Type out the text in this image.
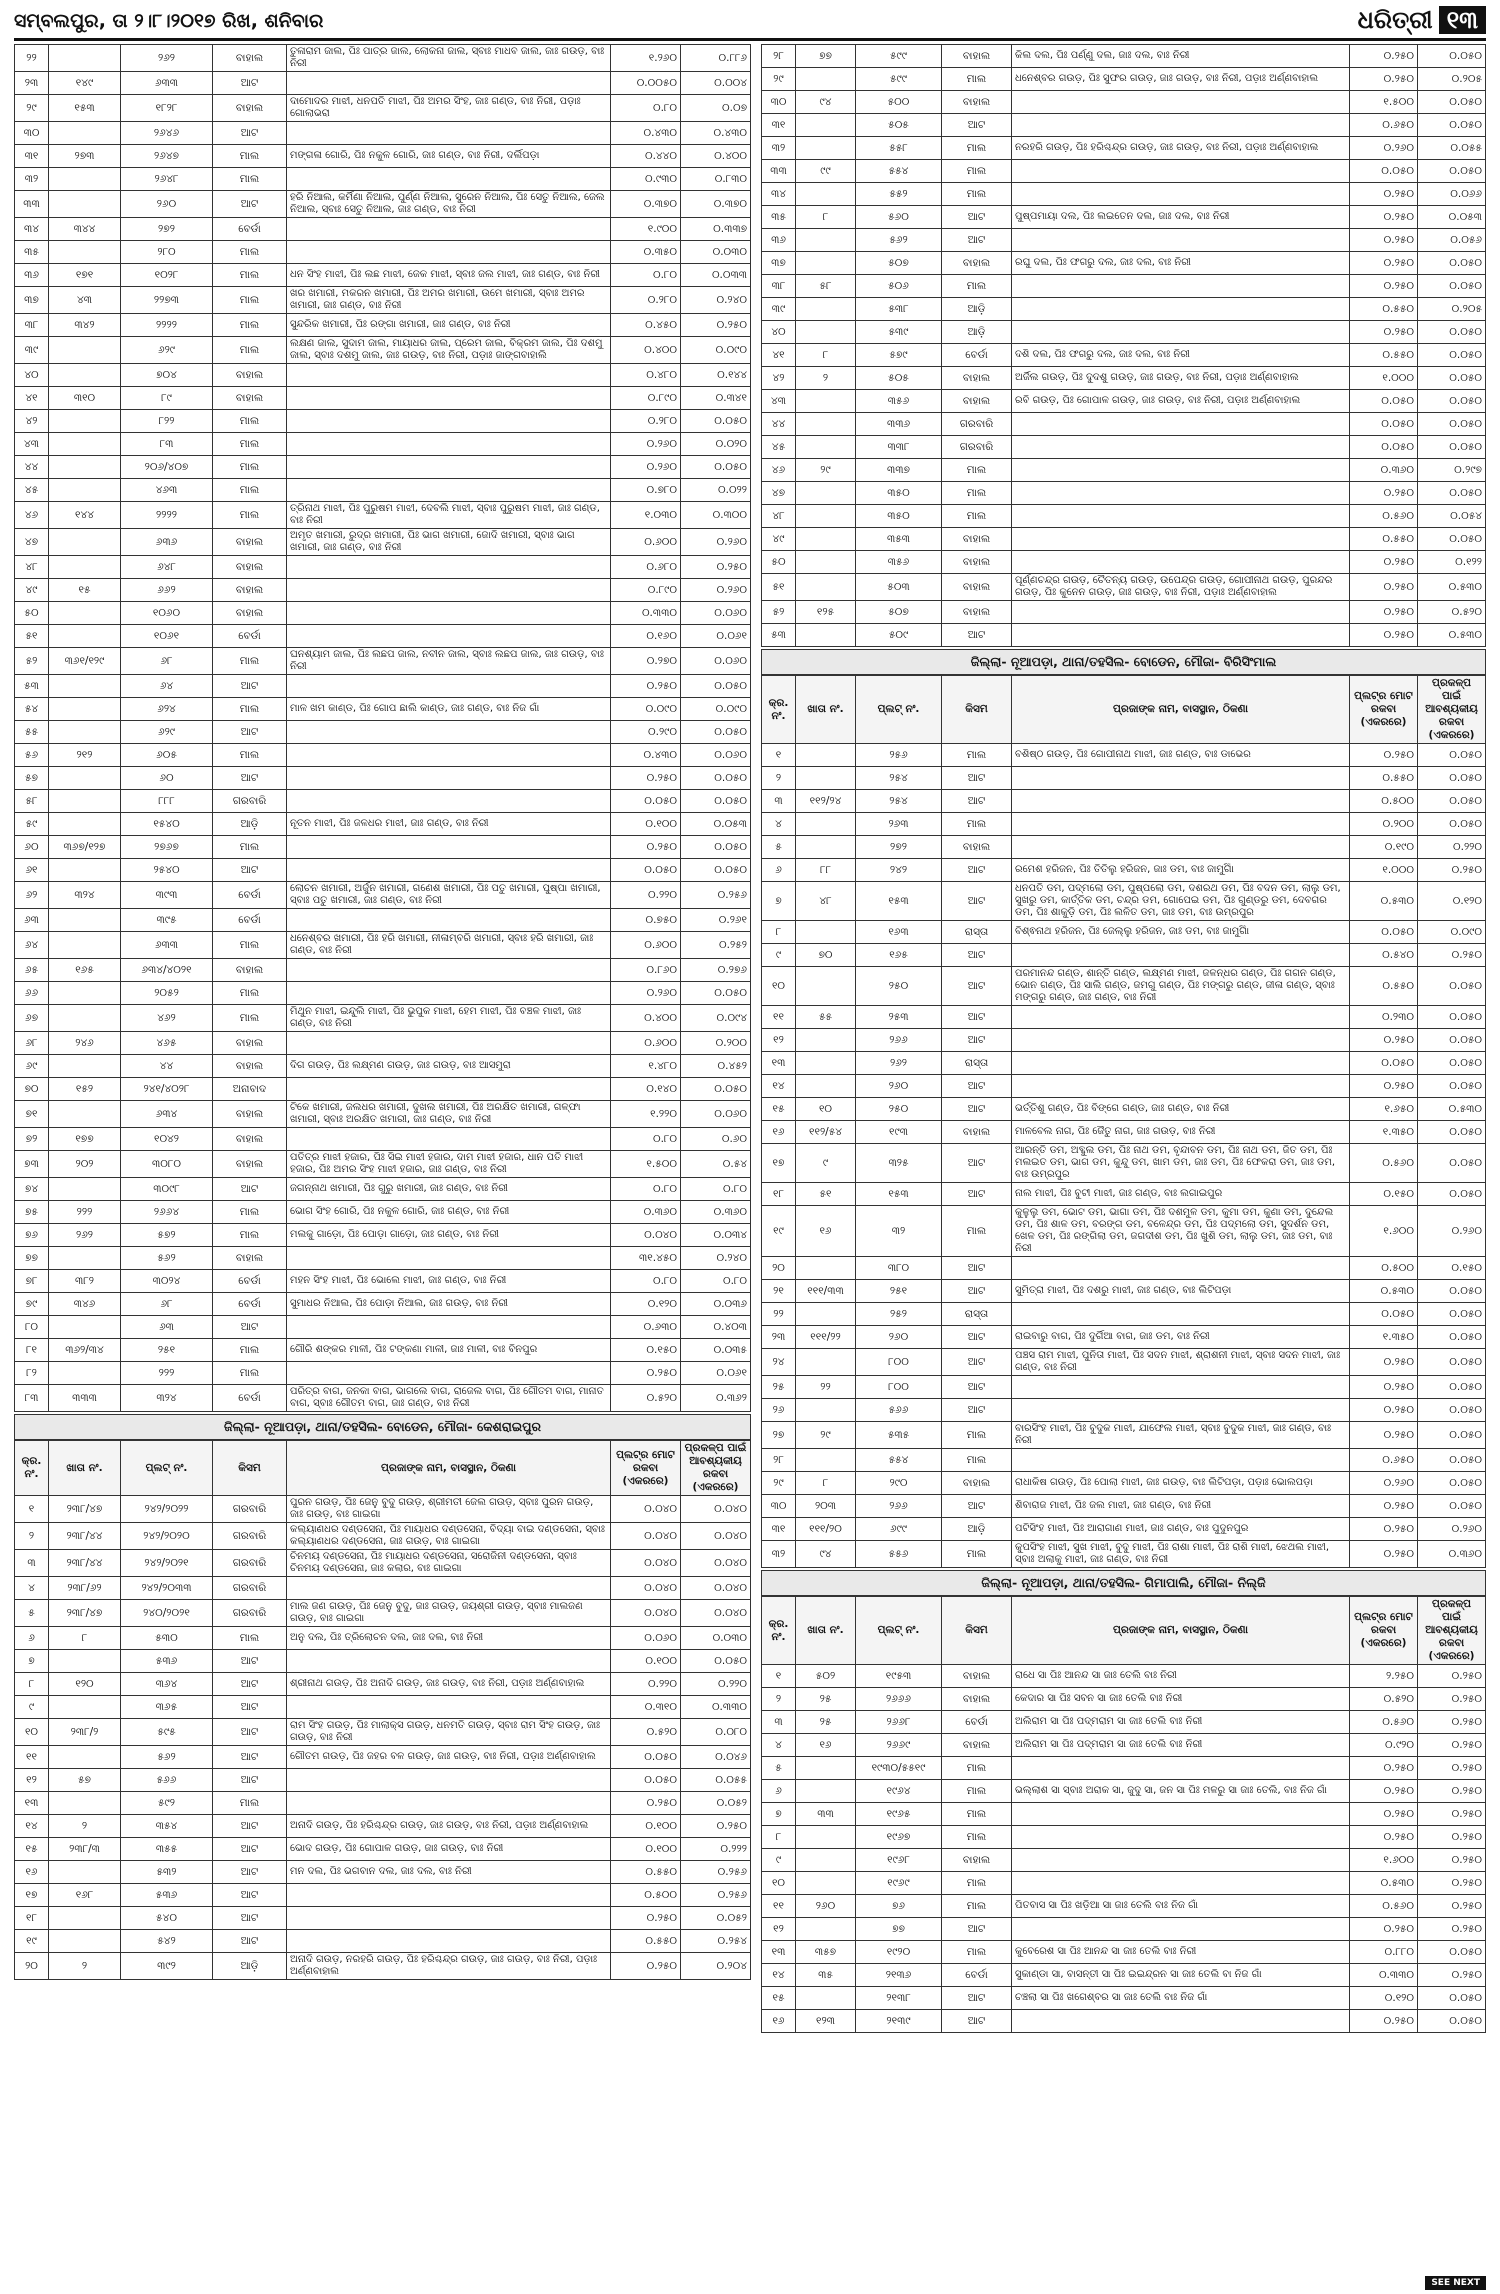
ସମ୍ବଲପୁର, ତା ୨।୮।୨୦୧୭ ରିଖ, ଶନିବାର	ଧରିତ୍ରୀ ୧୩
୨୨		୨୬୨	ବାହାଲ	ତୁଳାରାମ ଜାଲ, ପିଃ ପାତ୍ର ଜାଲ, ଲୋକନା ଜାଲ, ସ୍ବାଃ ମାଧବ ଜାଲ, ଜାଃ ଗଉଡ଼, ବାଃ ନିରୀ	୧.୨୬୦	୦.୮୮୬
୨୩	୧୪୯	୬୩୩	ଆଟ		୦.୦୦୫୦	୦.୦୦୪
୨୯	୧୫୩	୧୮୨୮	ବାହାଲ	ଦାମୋଦର ମାଝୀ, ଧନପତି ମାଝୀ, ପିଃ ଅମର ସିଂହ, ଜାଃ ଗଣ୍ଡ, ବାଃ ନିରୀ, ପଡ଼ାଃ ଗୋଲାଭରା	୦.୮୦	୦.୦୭
୩୦		୨୬୪୬	ଆଟ		୦.୪୩୦	୦.୪୩୦
୩୧	୨୭୩	୨୬୪୭	ମାଲ	ମଙ୍ଗଳା ଗୋରି, ପିଃ ନକୁଳ ଗୋରି, ଜାଃ ଗଣ୍ଡ, ବାଃ ନିରୀ, ଦର୍ଲିପଡ଼ା	୦.୪୪୦	୦.୪୦୦
୩୨		୨୬୪୮	ମାଲ		୦.୯୩୦	୦.୮୩୦
୩୩		୨୬୦	ଆଟ	ହରି ନିଆଲ, କର୍ମିଣା ନିଆଲ, ପୁର୍ଣ୍ଣ ନିଆଲ, ସୁରେନ ନିଆଲ, ପିଃ ସେତୁ ନିଆଲ, ଜେଲ ନିଆଲ, ସ୍ବାଃ ସେତୁ ନିଆଲ, ଜାଃ ଗଣ୍ଡ, ବାଃ ନିରୀ	୦.୩୭୦	୦.୩୭୦
୩୪	୩୪୪	୨୭୨	ବେର୍ଡା		୧.୯୦୦	୦.୩୩୭
୩୫		୨୮୦	ମାଲ		୦.୩୫୦	୦.୦୩୦
୩୬	୧୭୧	୧୦୨୮	ମାଲ	ଧନ ସିଂହ ମାଝୀ, ପିଃ ଲଛ ମାଝୀ, ଜେକ ମାଝୀ, ସ୍ବାଃ ଜଲ ମାଝୀ, ଜାଃ ଗଣ୍ଡ, ବାଃ ନିରୀ	୦.୮୦	୦.୦୩୩
୩୭	୪୩	୨୨୭୩	ମାଲ	ଖର ଖମାରୀ, ମକରନ ଖମାରୀ, ପିଃ ଅମର ଖମାରୀ, ଉମେ ଖମାରୀ, ସ୍ବାଃ ଅମର ଖମାରୀ, ଜାଃ ଗଣ୍ଡ, ବାଃ ନିରୀ	୦.୨୮୦	୦.୨୪୦
୩୮	୩୪୨	୨୨୨୨	ମାଲ	ସୁନ୍ଦରିକ ଖମାରୀ, ପିଃ ରଙ୍ଗା ଖମାରୀ, ଜାଃ ଗଣ୍ଡ, ବାଃ ନିରୀ	୦.୪୫୦	୦.୨୫୦
୩୯		୬୨୯	ମାଲ	ଲକ୍ଷଣ ଜାଲ, ସୁଦାମ ଜାଲ, ମାୟାଧର ଜାଲ, ପ୍ରେମ ଜାଲ, ବିକ୍ରମ ଜାଲ, ପିଃ ଦଶମୁ ଜାଲ, ସ୍ବାଃ ଦଶମୁ ଜାଲ, ଜାଃ ଗଉଡ଼, ବାଃ ନିରୀ, ପଡ଼ାଃ ଜାଙ୍ଗବାହାଲି	୦.୪୦୦	୦.୦୯୦
୪୦		୭୦୪	ବାହାଲ		୦.୪୮୦	୦.୧୪୪
୪୧	୩୧୦	୮୯	ବାହାଲ		୦.୮୯୦	୦.୩୪୧
୪୨		୮୨୨	ମାଲ		୦.୨୮୦	୦.୦୫୦
୪୩		୮୩	ମାଲ		୦.୨୬୦	୦.୦୨୦
୪୪		୨୦୬/୪୦୭	ମାଲ		୦.୨୬୦	୦.୦୫୦
୪୫		୪୬୩	ମାଲ		୦.୭୮୦	୦.୦୨୨
୪୬	୧୪୪	୨୨୨୨	ମାଲ	ତ୍ରିନାଥ ମାଝୀ, ପିଃ ପୁରୁଷମ ମାଝୀ, ଦେବଲି ମାଝୀ, ସ୍ବାଃ ପୁରୁଷମ ମାଝୀ, ଜାଃ ଗଣ୍ଡ, ବାଃ ନିରୀ	୧.୦୩୦	୦.୩୦୦
୪୭		୬୩୬	ବାହାଲ	ଅମୃତ ଖମାରୀ, ରୁଦ୍ର ଖମାରୀ, ପିଃ ଭାଗ ଖମାରୀ, ଜୋଦି ଖମାରୀ, ସ୍ବାଃ ଭାଗ ଖମାରୀ, ଜାଃ ଗଣ୍ଡ, ବାଃ ନିରୀ	୦.୬୦୦	୦.୨୬୦
୪୮		୬୪୮	ବାହାଲ		୦.୬୮୦	୦.୨୫୦
୪୯	୧୫	୬୬୨	ବାହାଲ		୦.୮୯୦	୦.୨୬୦
୫୦		୧୦୬୦	ବାହାଲ		୦.୩୩୦	୦.୦୬୦
୫୧		୧୦୬୧	ବେର୍ଡା		୦.୧୬୦	୦.୦୬୧
୫୨	୩୬୧/୧୨୯	୬୮	ମାଲ	ଘନଶ୍ୟାମ ଜାଲ, ପିଃ ଲଛପ ଜାଲ, ନବୀନ ଜାଲ, ସ୍ବାଃ ଲଛପ ଜାଲ, ଜାଃ ଗଉଡ଼, ବାଃ ନିରୀ	୦.୨୭୦	୦.୦୬୦
୫୩		୬୪	ଆଟ		୦.୨୫୦	୦.୦୫୦
୫୪		୬୨୪	ମାଲ	ମାଳ ଖମ କାଣ୍ଡ, ପିଃ ଗୋପ ଛାଲି କାଣ୍ଡ, ଜାଃ ଗଣ୍ଡ, ବାଃ ନିଜ ଗାଁ	୦.୦୯୦	୦.୦୯୦
୫୫		୬୨୯	ଆଟ		୦.୨୯୦	୦.୦୫୦
୫୬	୨୧୨	୬୦୫	ମାଲ		୦.୪୩୦	୦.୦୬୦
୫୭		୬୦	ଆଟ		୦.୨୫୦	୦.୦୫୦
୫୮		୮୮୮	ଗରବାରି		୦.୦୫୦	୦.୦୫୦
୫୯		୧୫୪୦	ଆଡ଼ି	ନୂତନ ମାଝୀ, ପିଃ ଜଳଧର ମାଝୀ, ଜାଃ ଗଣ୍ଡ, ବାଃ ନିରୀ	୦.୧୦୦	୦.୦୫୩
୬୦	୩୬୭/୧୨୭	୨୭୬୭	ମାଲ		୦.୨୫୦	୦.୦୫୦
୬୧		୨୫୪୦	ଆଟ		୦.୦୫୦	୦.୦୫୦
୬୨	୩୨୪	୩୯୩	ବେର୍ଡା	ଲୋଚନ ଖମାରୀ, ଅର୍ଜୁନ ଖମାରୀ, ଗଣେଶ ଖମାରୀ, ପିଃ ପତୁ ଖମାରୀ, ପୁଷ୍ପା ଖମାରୀ, ସ୍ବାଃ ପତୁ ଖମାରୀ, ଜାଃ ଗଣ୍ଡ, ବାଃ ନିରୀ	୦.୨୨୦	୦.୨୫୬
୬୩		୩୯୫	ବେର୍ଡା		୦.୭୫୦	୦.୨୬୧
୬୪		୬୩୩	ମାଲ	ଧନେଶ୍ବର ଖମାରୀ, ପିଃ ହରି ଖମାରୀ, ନୀଳାମ୍ବରି ଖମାରୀ, ସ୍ବାଃ ହରି ଖମାରୀ, ଜାଃ ଗଣ୍ଡ, ବାଃ ନିରୀ	୦.୬୦୦	୦.୨୫୨
୬୫	୧୬୫	୬୩୪/୪୦୨୧	ବାହାଲ		୦.୮୬୦	୦.୨୭୬
୬୬		୨୦୫୨	ମାଲ		୦.୨୬୦	୦.୦୫୦
୬୭		୪୬୨	ମାଲ	ମିଥୁନ ମାଝୀ, ଇନ୍ଦୁଲି ମାଝୀ, ପିଃ ଭୁପୁକ ମାଝୀ, ହେମ ମାଝୀ, ପିଃ ବଞ୍ଚଳ ମାଝୀ, ଜାଃ ଗଣ୍ଡ, ବାଃ ନିରୀ	୦.୪୦୦	୦.୦୯୪
୬୮	୨୪୬	୪୬୫	ବାହାଲ		୦.୬୦୦	୦.୨୦୦
୬୯		୪୪	ବାହାଲ	ଦିଗ ଗଉଡ଼, ପିଃ ଲକ୍ଷ୍ମଣ ଗଉଡ଼, ଜାଃ ଗଉଡ଼, ବାଃ ଆସମୁରା	୧.୪୮୦	୦.୪୫୨
୭୦	୧୫୨	୨୪୧/୪୦୨୮	ଅନାବାଦ		୦.୧୪୦	୦.୦୫୦
୭୧		୬୩୪	ବାହାଲ	ଟିକେ ଖମାରୀ, ଜଲଧର ଖମାରୀ, ଦୁଖଲ ଖମାରୀ, ପିଃ ଅରକ୍ଷିତ ଖମାରୀ, ଗଳ୍ଫା ଖମାରୀ, ସ୍ବାଃ ଅରକ୍ଷିତ ଖମାରୀ, ଜାଃ ଗଣ୍ଡ, ବାଃ ନିରୀ	୧.୨୨୦	୦.୦୬୦
୭୨	୧୭୭	୧୦୪୨	ବାହାଲ		୦.୮୦	୦.୬୦
୭୩	୨୦୨	୩୦୮୦	ବାହାଲ	ପତିତ୍ର ମାଝୀ ହଜାର, ପିଃ ସିଇ ମାଝୀ ହଜାର, ଦାମ ମାଝୀ ହଜାର, ଧାନ ପତି ମାଝୀ ହଜାର, ପିଃ ଅମର ସିଂହ ମାଝୀ ହଜାର, ଜାଃ ଗଣ୍ଡ, ବାଃ ନିରୀ	୧.୫୦୦	୦.୫୪
୭୪		୩୦୯୮	ଆଟ	ଜଗନ୍ନାଥ ଖମାରୀ, ପିଃ ଗୁରୁ ଖମାରୀ, ଜାଃ ଗଣ୍ଡ, ବାଃ ନିରୀ	୦.୮୦	୦.୮୦
୭୫	୨୨୨	୨୬୬୪	ମାଲ	ଭୋଗ ସିଂହ ଗୋରି, ପିଃ ନକୁଳ ଗୋରି, ଜାଃ ଗଣ୍ଡ, ବାଃ ନିରୀ	୦.୩୬୦	୦.୩୬୦
୭୬	୨୬୨	୫୭୨	ମାଲ	ମଲକୁ ଗାଡ଼ୋ, ପିଃ ପୋଡ଼ା ଗାଡ଼ୋ, ଜାଃ ଗଣ୍ଡ, ବାଃ ନିରୀ	୦.୦୪୦	୦.୦୩୪
୭୭		୫୬୨	ବାହାଲ		୩୧.୪୫୦	୦.୨୪୦
୭୮	୩୮୨	୩୦୨୪	ବେର୍ଡା	ମହନ ସିଂହ ମାଝୀ, ପିଃ ଭୋଲେ ମାଝୀ, ଜାଃ ଗଣ୍ଡ, ବାଃ ନିରୀ	୦.୮୦	୦.୮୦
୭୯	୩୪୬	୬୮	ବେର୍ଡା	ସୁମାଧର ନିଆଲ, ପିଃ ପୋଡ଼ା ନିଆଲ, ଜାଃ ଗଉଡ଼, ବାଃ ନିରୀ	୦.୧୨୦	୦.୦୩୬
୮୦		୬୩	ଆଟ		୦.୬୩୦	୦.୪୦୩
୮୧	୩୬୨/୩୪	୨୫୧	ମାଲ	ଗୌରି ଶଙ୍କର ମାଳୀ, ପିଃ ଟଙ୍କଣା ମାଳୀ, ଜାଃ ମାଳୀ, ବାଃ ବିନପୁର	୦.୧୫୦	୦.୦୩୫
୮୨		୨୨୨	ମାଲ		୦.୨୫୦	୦.୦୬୧
୮୩	୩୩୩	୩୨୪	ବେର୍ଡା	ପରିତ୍ର ବାଗ, ଜନକା ବାଗ, ଭାଗଲେ ବାଗ, ରାଜେଲ ବାଗ, ପିଃ ଗୌତମ ବାଗ, ମାନାତ ବାଗ, ସ୍ବାଃ ଗୌତମ ବାଗ, ଜାଃ ଗଣ୍ଡ, ବାଃ ନିରୀ	୦.୫୨୦	୦.୩୬୨
ଜିଲ୍ଲା- ନୂଆପଡ଼ା, ଥାନା/ତହସିଲ- ବୋଡେନ, ମୌଜା- କେଶରାଇପୁର
କ୍ର. ନଂ.	ଖାତା ନଂ.	ପ୍ଲଟ୍ ନଂ.	କିସମ	ପ୍ରଜାଙ୍କ ନାମ, ବାସସ୍ଥାନ, ଠିକଣା	ପ୍ଲଟ୍ର ମୋଟ ରକବା (ଏକରରେ)	ପ୍ରକଳ୍ପ ପାଇଁ ଆବଶ୍ୟକୀୟ ରକବା (ଏକରରେ)
୧	୨୩୮/୪୭	୨୪୨/୨୦୨୨	ଗରବାରି	ପୁରନ ଗଉଡ଼, ପିଃ ଜେନୁ ବୁଦୁ ଗଉଡ଼, ଶ୍ରୀମତୀ ଜେଲ ଗଉଡ଼, ସ୍ବାଃ ପୁରନ ଗଉଡ଼, ଜାଃ ଗଉଡ଼, ବାଃ ଗାଇଗା	୦.୦୪୦	୦.୦୪୦
୨	୨୩୮/୪୪	୨୪୨/୨୦୨୦	ଗରବାରି	କଲ୍ୟାଣଧର ଦଣ୍ଡସେନା, ପିଃ ମାୟାଧର ଦଣ୍ଡସେନା, ବିଦ୍ୟା ବାଇ ଦଣ୍ଡସେନା, ସ୍ବାଃ କଲ୍ୟାଣଧର ଦଣ୍ଡସେନା, ଜାଃ ଗଉଡ଼, ବାଃ ଗାଇଗା	୦.୦୪୦	୦.୦୪୦
୩	୨୩୮/୪୪	୨୪୨/୨୦୨୧	ଗରବାରି	ଚିନମୟ ଦଣ୍ଡସେନା, ପିଃ ମାୟାଧର ଦଣ୍ଡସେନା, ସରୋଜିନୀ ଦଣ୍ଡସେନା, ସ୍ବାଃ ଚିନମୟ ଦଣ୍ଡସେନା, ଜାଃ କଲାର, ବାଃ ଗାଇଗା	୦.୦୪୦	୦.୦୪୦
୪	୨୩୮/୬୨	୨୪୨/୨୦୩୩	ଗରବାରି		୦.୦୪୦	୦.୦୪୦
୫	୨୩୮/୪୭	୨୪୦/୨୦୨୧	ଗରବାରି	ମାଲ ଜଣ ଗଉଡ଼, ପିଃ ଜେନୁ ବୁଦୁ, ଜାଃ ଗଉଡ଼, ଜୟଶ୍ରୀ ଗଉଡ଼, ସ୍ବାଃ ମାଲଜଣ ଗଉଡ଼, ବାଃ ଗାଇଗା	୦.୦୪୦	୦.୦୪୦
୬	୮	୫୩୦	ମାଲ	ଅନୁ ଦଲ, ପିଃ ତ୍ରିଲୋଚନ ଦଲ, ଜାଃ ଦଲ, ବାଃ ନିରୀ	୦.୦୬୦	୦.୦୩୦
୭		୫୩୬	ଆଟ		୦.୧୦୦	୦.୦୫୦
୮	୧୨୦	୩୬୪	ଆଟ	ଶ୍ରୀନାଥ ଗଉଡ଼, ପିଃ ଅନାଦି ଗଉଡ଼, ଜାଃ ଗଉଡ଼, ବାଃ ନିରୀ, ପଡ଼ାଃ ଅର୍ଣ୍ଣବାହାଲ	୦.୨୨୦	୦.୨୨୦
୯		୩୬୫	ଆଟ		୦.୩୧୦	୦.୩୩୦
୧୦	୨୩୮/୨	୫୯୫	ଆଟ	ରାମ ସିଂହ ଗଉଡ଼, ପିଃ ମାଲାକ୍ସ ଗଉଡ଼, ଧନମତି ଗଉଡ଼, ସ୍ବାଃ ରାମ ସିଂହ ଗଉଡ଼, ଜାଃ ଗଉଡ଼, ବାଃ ନିରୀ	୦.୫୨୦	୦.୦୮୦
୧୧		୫୬୨	ଆଟ	ଗୌତମ ଗଉଡ଼, ପିଃ ଜହର ବଳ ଗଉଡ଼, ଜାଃ ଗଉଡ଼, ବାଃ ନିରୀ, ପଡ଼ାଃ ଅର୍ଣ୍ଣବାହାଲ	୦.୦୫୦	୦.୦୪୬
୧୨	୫୭	୫୬୬	ଆଟ		୦.୦୫୦	୦.୦୫୫
୧୩		୫୯୨	ମାଲ		୦.୨୫୦	୦.୦୫୨
୧୪	୨	୩୫୪	ଆଟ	ଅନାଦି ଗଉଡ଼, ପିଃ ହରିଶ୍ଚନ୍ଦ୍ର ଗଉଡ଼, ଜାଃ ଗଉଡ଼, ବାଃ ନିରୀ, ପଡ଼ାଃ ଅର୍ଣ୍ଣବାହାଲ	୦.୧୦୦	୦.୨୫୦
୧୫	୨୩୮/୩	୩୫୫	ଆଟ	ଭୋଦ ଗଉଡ଼, ପିଃ ଗୋପାଳ ଗଉଡ଼, ଜାଃ ଗଉଡ଼, ବାଃ ନିରୀ	୦.୧୦୦	୦.୨୨୨
୧୬		୫୩୨	ଆଟ	ମନ ଦଲ, ପିଃ ଭଗବାନ ଦଲ, ଜାଃ ଦଲ, ବାଃ ନିରୀ	୦.୫୫୦	୦.୨୫୬
୧୭	୧୬୮	୫୩୬	ଆଟ		୦.୫୦୦	୦.୨୫୬
୧୮		୫୪୦	ଆଟ		୦.୨୫୦	୦.୦୫୨
୧୯		୫୪୨	ଆଟ		୦.୫୫୦	୦.୨୫୪
୨୦	୨	୩୯୨	ଆଡ଼ି	ଅନାଦି ଗଉଡ଼, ନରହରି ଗଉଡ଼, ପିଃ ହରିଶ୍ଚନ୍ଦ୍ର ଗଉଡ଼, ଜାଃ ଗଉଡ଼, ବାଃ ନିରୀ, ପଡ଼ାଃ ଅର୍ଣ୍ଣବାହାଲ	୦.୨୫୦	୦.୨୦୪
୨୮	୭୭	୫୯୯	ବାହାଲ	କିଲ ଦଲ, ପିଃ ପର୍ଣ୍ଣୁ ଦଲ, ଜାଃ ଦଲ, ବାଃ ନିରୀ	୦.୨୫୦	୦.୦୫୦
୨୯		୫୯୯	ମାଲ	ଧନେଶ୍ବର ଗଉଡ଼, ପିଃ ସୁଫର ଗଉଡ଼, ଜାଃ ଗଉଡ଼, ବାଃ ନିରୀ, ପଡ଼ାଃ ଅର୍ଣ୍ଣବାହାଲ	୦.୨୫୦	୦.୨୦୫
୩୦	୯୪	୫୦୦	ବାହାଲ		୧.୫୦୦	୦.୦୫୦
୩୧		୫୦୫	ଆଟ		୦.୬୫୦	୦.୦୫୦
୩୨		୫୫୮	ମାଲ	ନରହରି ଗଉଡ଼, ପିଃ ହରିଶ୍ଚନ୍ଦ୍ର ଗଉଡ଼, ଜାଃ ଗଉଡ଼, ବାଃ ନିରୀ, ପଡ଼ାଃ ଅର୍ଣ୍ଣବାହାଲ	୦.୨୬୦	୦.୦୫୫
୩୩	୯୯	୫୫୪	ମାଲ		୦.୦୫୦	୦.୦୫୦
୩୪		୫୫୨	ମାଲ		୦.୨୫୦	୦.୦୬୬
୩୫	୮	୫୬୦	ଆଟ	ପୁଷ୍ପମାୟା ଦଲ, ପିଃ ଲଇତେନ ଦଲ, ଜାଃ ଦଲ, ବାଃ ନିରୀ	୦.୨୫୦	୦.୦୫୩
୩୬		୫୬୨	ଆଟ		୦.୨୫୦	୦.୦୫୬
୩୭		୫୦୭	ବାହାଲ	ରଘୁ ଦଲ, ପିଃ ଫଗରୁ ଦଲ, ଜାଃ ଦଲ, ବାଃ ନିରୀ	୦.୨୫୦	୦.୦୫୦
୩୮	୫୮	୫୦୬	ମାଲ		୦.୨୫୦	୦.୦୫୦
୩୯		୫୩୮	ଆଡ଼ି		୦.୫୫୦	୦.୨୦୫
୪୦		୫୩୯	ଆଡ଼ି		୦.୨୫୦	୦.୦୫୦
୪୧	୮	୫୭୯	ବେର୍ଡା	ଦଶି ଦଲ, ପିଃ ଫଗରୁ ଦଲ, ଜାଃ ଦଲ, ବାଃ ନିରୀ	୦.୫୫୦	୦.୦୫୦
୪୨	୨	୫୦୫	ବାହାଲ	ଅର୍ଜିଲ ଗଉଡ଼, ପିଃ ଦୁଦଶୁ ଗଉଡ଼, ଜାଃ ଗଉଡ଼, ବାଃ ନିରୀ, ପଡ଼ାଃ ଅର୍ଣ୍ଣବାହାଲ	୧.୦୦୦	୦.୦୫୦
୪୩		୩୫୬	ବାହାଲ	ରବି ଗଉଡ଼, ପିଃ ଗୋପାଳ ଗଉଡ଼, ଜାଃ ଗଉଡ଼, ବାଃ ନିରୀ, ପଡ଼ାଃ ଅର୍ଣ୍ଣବାହାଲ	୦.୦୫୦	୦.୦୫୦
୪୪		୩୩୬	ଗରବାରି		୦.୦୫୦	୦.୦୫୦
୪୫		୩୩୮	ଗରବାରି		୦.୦୫୦	୦.୦୫୦
୪୬	୨୯	୩୩୭	ମାଲ		୦.୩୬୦	୦.୨୯୭
୪୭		୩୫୦	ମାଲ		୦.୨୫୦	୦.୦୫୦
୪୮		୩୫୦	ମାଲ		୦.୫୬୦	୦.୦୫୪
୪୯		୩୫୩	ବାହାଲ		୦.୫୫୦	୦.୦୫୦
୫୦		୩୫୬	ବାହାଲ		୦.୨୫୦	୦.୧୨୨
୫୧		୫୦୩	ବାହାଲ	ପୂର୍ଣ୍ଣଚନ୍ଦ୍ର ଗଉଡ଼, ଚୈତନ୍ୟ ଗଉଡ଼, ଉପେନ୍ଦ୍ର ଗଉଡ଼, ଗୋପୀନାଥ ଗଉଡ଼, ପୁରନ୍ଦର ଗଉଡ଼, ପିଃ କୁନେନ ଗଉଡ଼, ଜାଃ ଗଉଡ଼, ବାଃ ନିରୀ, ପଡ଼ାଃ ଅର୍ଣ୍ଣବାହାଲ	୦.୨୫୦	୦.୫୩୦
୫୨	୧୨୫	୫୦୭	ବାହାଲ		୦.୨୫୦	୦.୫୨୦
୫୩		୫୦୯	ଆଟ		୦.୨୫୦	୦.୫୩୦
ଜିଲ୍ଲା- ନୂଆପଡ଼ା, ଥାନା/ତହସିଲ- ବୋଡେନ, ମୌଜା- ବିରିସିଂମାଲ
କ୍ର. ନଂ.	ଖାତା ନଂ.	ପ୍ଲଟ୍ ନଂ.	କିସମ	ପ୍ରଜାଙ୍କ ନାମ, ବାସସ୍ଥାନ, ଠିକଣା	ପ୍ଲଟ୍ର ମୋଟ ରକବା (ଏକରରେ)	ପ୍ରକଳ୍ପ ପାଇଁ ଆବଶ୍ୟକୀୟ ରକବା (ଏକରରେ)
୧		୨୫୬	ମାଲ	ବଶିଷ୍ଠ ଗଉଡ଼, ପିଃ ଗୋପୀନାଥ ମାଝୀ, ଜାଃ ଗଣ୍ଡ, ବାଃ ଡାଭେର	୦.୨୫୦	୦.୦୫୦
୨		୨୫୪	ଆଟ		୦.୫୫୦	୦.୦୫୦
୩	୧୧୨/୨୪	୨୫୪	ଆଟ		୦.୫୦୦	୦.୦୫୦
୪		୨୬୩	ମାଲ		୦.୨୦୦	୦.୦୫୦
୫		୨୭୨	ବାହାଲ		୦.୧୯୦	୦.୨୨୦
୬	୮୮	୨୪୨	ଆଟ	ରମେଶ ହରିଜନ, ପିଃ ତିତିଲୁ ହରିଜନ, ଜାଃ ଡମ, ବାଃ ଜାମୁର୍ଗାଁ	୧.୦୦୦	୦.୨୫୦
୭	୪୮	୧୫୩	ଆଟ	ଧନପତି ଡମ, ପଦ୍ମଲୋ ଡମ, ପୁଷ୍ପଲୋ ଡମ, ଦଶରଥ ଡମ, ପିଃ ବଦନ ଡମ, ଲାଲୁ ଡମ, ସୁଖରୁ ଡମ, କାର୍ତ୍ତିକ ଡମ, ଚନ୍ଦ୍ର ଡମ, ଗୋପେଇ ଡମ, ପିଃ ଗୁଣ୍ଡରୁ ଡମ, ଦେବଗର ଡମ, ପିଃ ଶାକୁଡ଼ି ଡମ, ପିଃ ଲଳିତ ଡମ, ଜାଃ ଡମ, ବାଃ ଉମ୍ରପୁର	୦.୫୩୦	୦.୧୨୦
୮		୧୬୩	ରାସ୍ତା	ବିଶ୍ଵନାଥ ହରିଜନ, ପିଃ ଜେଲ୍ଲୁ ହରିଜନ, ଜାଃ ଡମ, ବାଃ ଜାମୁର୍ଗାଁ	୦.୦୫୦	୦.୦୯୦
୯	୭୦	୧୬୫	ଆଟ		୦.୫୪୦	୦.୨୫୦
୧୦		୨୫୦	ଆଟ	ପରମାନନ୍ଦ ଗଣ୍ଡ, ଶାନ୍ତି ଗଣ୍ଡ, ଲକ୍ଷ୍ମଣ ମାଝୀ, ଜଳନ୍ଧର ଗଣ୍ଡ, ପିଃ ଗଗନ ଗଣ୍ଡ, ଭୋନ ଗଣ୍ଡ, ପିଃ ସାଲି ଗଣ୍ଡ, ଜମଗୁ ଗଣ୍ଡ, ପିଃ ମଙ୍ଗରୁ ଗଣ୍ଡ, ଜୀଳା ଗଣ୍ଡ, ସ୍ବାଃ ମଙ୍ଗରୁ ଗଣ୍ଡ, ଜାଃ ଗଣ୍ଡ, ବାଃ ନିରୀ	୦.୫୫୦	୦.୦୫୦
୧୧	୫୫	୨୫୩	ଆଟ		୦.୨୩୦	୦.୦୫୦
୧୨		୨୬୬	ଆଟ		୦.୨୫୦	୦.୦୫୦
୧୩		୨୬୨	ରାସ୍ତା		୦.୦୫୦	୦.୦୫୦
୧୪		୨୬୦	ଆଟ		୦.୨୫୦	୦.୦୫୦
୧୫	୧୦	୨୫୦	ଆଟ	ଭର୍ତ୍ତିଶୁ ଗଣ୍ଡ, ପିଃ ବିଙ୍ଗେ ଗଣ୍ଡ, ଜାଃ ଗଣ୍ଡ, ବାଃ ନିରୀ	୧.୬୫୦	୦.୫୩୦
୧୬	୧୧୨/୫୪	୧୯୩	ବାହାଲ	ମାଳବେଲ ନାଗ, ପିଃ ଜୈତୁ ନାଗ, ଜାଃ ଗଉଡ଼, ବାଃ ନିରୀ	୧.୩୫୦	୦.୦୫୦
୧୭	୯	୩୨୫	ଆଟ	ଆରନ୍ତି ଡମ, ଅବ୍ଦୁଲ ଡମ, ପିଃ ନାଥ ଡମ, ବୃନ୍ଦାବନ ଡମ, ପିଃ ନାଥ ଡମ, ଜିତ ଡମ, ପିଃ ମଲଇତ ଡମ, ଭାଗ ଡମ, କୁନ୍ଦୁ ଡମ, ଖାମ ଡମ, ଜାଃ ଡମ, ପିଃ ଫେକରା ଡମ, ଜାଃ ଡମ, ବାଃ ଉମ୍ରପୁର	୦.୫୬୦	୦.୦୫୦
୧୮	୫୧	୧୫୩	ଆଟ	ନାଲ ମାଝୀ, ପିଃ ବୁଟୀ ମାଝୀ, ଜାଃ ଗଣ୍ଡ, ବାଃ ଲଗାଇପୁର	୦.୧୫୦	୦.୦୫୦
୧୯	୧୬	୩୨	ମାଲ	କୁଳୁଲୁ ଡମ, ଭୋଟ ଡମ, ଭାଗା ଡମ, ପିଃ ଦଶମୁଳ ଡମ, କୁମା ଡମ, କୁଣା ଡମ, ଦୁନ୍ଦେଲ ଡମ, ପିଃ ଶାଳ ଡମ, ବରଙ୍ଗ ଡମ, ବଳେନ୍ଦ୍ର ଡମ, ପିଃ ପଦ୍ମଲୋ ଡମ, ସୁଦର୍ଶନ ଡମ, ଖେଳ ଡମ, ପିଃ ରଙ୍ଗିଲା ଡମ, ଜଗଦୀଶ ଡମ, ପିଃ ଖୁଶି ଡମ, ଲାଲୁ ଡମ, ଜାଃ ଡମ, ବାଃ ନିରୀ	୧.୬୦୦	୦.୨୬୦
୨୦		୩୮୦	ଆଟ		୦.୫୦୦	୦.୧୫୦
୨୧	୧୧୧/୩୩	୨୫୧	ଆଟ	ସୁମିତ୍ରା ମାଝୀ, ପିଃ ଦଶରୁ ମାଝୀ, ଜାଃ ଗଣ୍ଡ, ବାଃ ଲିଟିପଡ଼ା	୦.୫୩୦	୦.୦୫୦
୨୨		୨୫୨	ରାସ୍ତା		୦.୦୫୦	୦.୦୫୦
୨୩	୧୧୧/୨୨	୨୬୦	ଆଟ	ରାଇବାରୁ ବାଗ, ପିଃ ଦୁର୍ଗିଆ ବାଗ, ଜାଃ ଡମ, ବାଃ ନିରୀ	୧.୩୫୦	୦.୦୫୦
୨୪		୮୦୦	ଆଟ	ପଞ୍ଚସ ରାମ ମାଝୀ, ପୁନିତା ମାଝୀ, ପିଃ ସଦନ ମାଝୀ, ଶ୍ରାଶନୀ ମାଝୀ, ସ୍ବାଃ ସଦନ ମାଝୀ, ଜାଃ ଗଣ୍ଡ, ବାଃ ନିରୀ	୦.୨୫୦	୦.୦୫୦
୨୫	୨୨	୮୦୦	ଆଟ		୦.୨୫୦	୦.୦୫୦
୨୬		୫୬୬	ଆଟ		୦.୨୫୦	୦.୦୫୦
୨୭	୨୯	୫୩୫	ମାଲ	ବାରସିଂହ ମାଝୀ, ପିଃ ବୁଦୁକ ମାଝୀ, ଯାଫେଲ ମାଝୀ, ସ୍ବାଃ ବୁଦୁକ ମାଝୀ, ଜାଃ ଗଣ୍ଡ, ବାଃ ନିରୀ	୦.୨୫୦	୦.୦୫୦
୨୮		୫୫୪	ମାଲ		୦.୬୫୦	୦.୦୫୦
୨୯	୮	୨୯୦	ବାହାଲ	ରାଧାକିଷ ଗଉଡ଼, ପିଃ ପୋଲା ମାଝୀ, ଜାଃ ଗଉଡ଼, ବାଃ ଲିଟିପଡ଼ା, ପଡ଼ାଃ ଭୋଲପଡ଼ା	୦.୨୬୦	୦.୦୫୦
୩୦	୨୦୩	୨୬୬	ଆଟ	ଶିବାରାଜ ମାଝୀ, ପିଃ ଜଲ ମାଝୀ, ଜାଃ ଗଣ୍ଡ, ବାଃ ନିରୀ	୦.୨୫୦	୦.୦୫୦
୩୧	୧୧୧/୨୦	୬୯୯	ଆଡ଼ି	ପଟିସିଂହ ମାଝୀ, ପିଃ ଆରାଗାଣ ମାଝୀ, ଜାଃ ଗଣ୍ଡ, ବାଃ ପୁଦୁନପୁର	୦.୨୫୦	୦.୨୬୦
୩୨	୯୪	୫୫୬	ମାଲ	କୁପସିଂହ ମାଝୀ, ସୁଖ ମାଝୀ, ବୁଦୁ ମାଝୀ, ପିଃ ରାଶା ମାଝୀ, ପିଃ ରାଶି ମାଝୀ, ଝେଥଲ ମାଝୀ, ସ୍ବାଃ ଅଲାକୁ ମାଝୀ, ଜାଃ ଗଣ୍ଡ, ବାଃ ନିରୀ	୦.୨୫୦	୦.୩୬୦
ଜିଲ୍ଲା- ନୂଆପଡ଼ା, ଥାନା/ତହସିଲ- ଗିମାପାଲି, ମୌଜା- ନିଲ୍ଜି
କ୍ର. ନଂ.	ଖାତା ନଂ.	ପ୍ଲଟ୍ ନଂ.	କିସମ	ପ୍ରଜାଙ୍କ ନାମ, ବାସସ୍ଥାନ, ଠିକଣା	ପ୍ଲଟ୍ର ମୋଟ ରକବା (ଏକରରେ)	ପ୍ରକଳ୍ପ ପାଇଁ ଆବଶ୍ୟକୀୟ ରକବା (ଏକରରେ)
୧	୫୦୨	୧୯୫୩	ବାହାଲ	ରାଧେ ସା ପିଃ ଆନନ୍ଦ ସା ଜାଃ ତେଲି ବାଃ ନିରୀ	୨.୨୫୦	୦.୨୫୦
୨	୨୫	୨୬୬୬	ବାହାଲ	କେଦାର ସା ପିଃ ସବନ ସା ଜାଃ ତେଲି ବାଃ ନିରୀ	୦.୫୨୦	୦.୨୫୦
୩	୨୫	୨୬୬୮	ବେର୍ଡା	ଅଲିରାମ ସା ପିଃ ପଦ୍ମରାମ ସା ଜାଃ ତେଲି ବାଃ ନିରୀ	୦.୫୬୦	୦.୨୫୦
୪	୧୬	୨୬୬୯	ବାହାଲ	ଅଲିରାମ ସା ପିଃ ପଦ୍ମରାମ ସା ଜାଃ ତେଲି ବାଃ ନିରୀ	୦.୯୨୦	୦.୨୫୦
୫		୧୯୩୦/୫୫୧୯	ମାଲ		୦.୨୫୦	୦.୨୫୦
୬		୧୯୬୪	ମାଲ	ଭଲ୍ଲାଶ ସା ସ୍ବାଃ ଅରାକ ସା, ଜୁଦୁ ସା, ଜନ ସା ପିଃ ମଳରୁ ସା ଜାଃ ତେଲି, ବାଃ ନିଜ ଗାଁ	୦.୨୫୦	୦.୨୫୦
୭	୩୩	୧୯୬୫	ମାଲ		୦.୨୫୦	୦.୨୫୦
୮		୧୯୬୭	ମାଲ		୦.୨୫୦	୦.୨୫୦
୯		୧୯୬୮	ବାହାଲ		୧.୬୦୦	୦.୨୫୦
୧୦		୧୯୬୯	ମାଲ		୦.୫୩୦	୦.୨୫୦
୧୧	୨୬୦	୭୬	ମାଲ	ପିତବାସ ସା ପିଃ ଖଡ଼ିଆ ସା ଜାଃ ତେଲି ବାଃ ନିଜ ଗାଁ	୦.୫୬୦	୦.୨୫୦
୧୨		୭୭	ଆଟ		୦.୨୫୦	୦.୨୫୦
୧୩	୩୫୭	୧୯୨୦	ମାଲ	କୁବେରେଶ ସା ପିଃ ଆନନ୍ଦ ସା ଜାଃ ତେଲି ବାଃ ନିରୀ	୦.୮୮୦	୦.୦୫୦
୧୪	୩୫	୨୧୩୬	ବେର୍ଡା	ସୁକାଣ୍ଡା ସା, ବାସନ୍ତୀ ସା ପିଃ ଇଇନ୍ଦ୍ରନ ସା ଜାଃ ତେଲି ବା ନିଜ ଗାଁ	୦.୩୩୦	୦.୨୫୦
୧୫		୨୧୩୮	ଆଟ	ଚଞ୍ଚଲା ସା ପିଃ ଖଗେଶ୍ବର ସା ଜାଃ ତେଲି ବାଃ ନିଜ ଗାଁ	୦.୧୨୦	୦.୦୫୦
୧୬	୧୨୩	୨୧୩୯	ଆଟ		୦.୨୫୦	୦.୦୫୦
SEE NEXT
